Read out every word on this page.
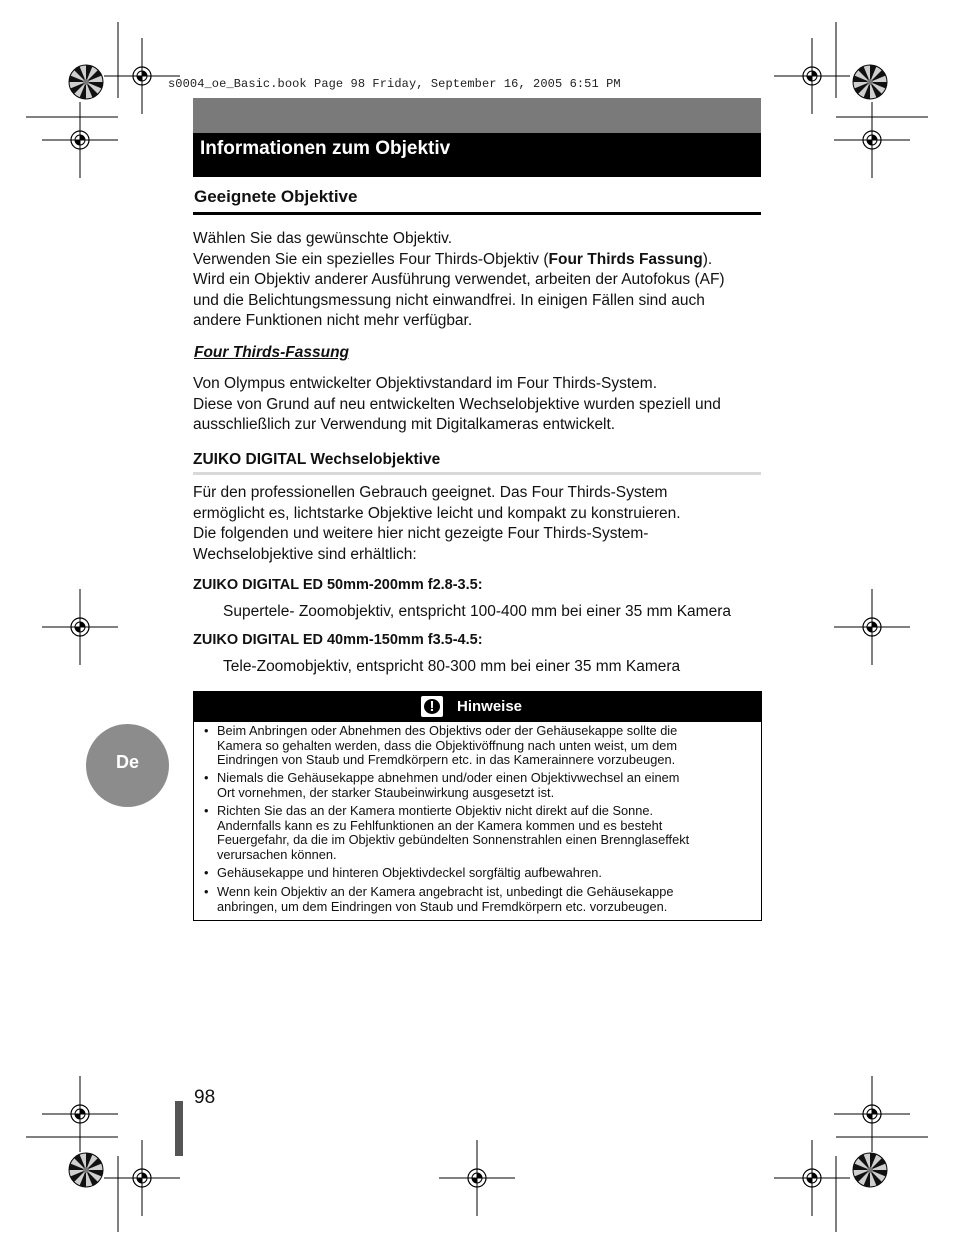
s0004_oe_Basic.book Page 98 Friday, September 16, 2005 6:51 PM
Informationen zum Objektiv
Geeignete Objektive
Wählen Sie das gewünschte Objektiv.
Verwenden Sie ein spezielles Four Thirds-Objektiv (Four Thirds Fassung).
Wird ein Objektiv anderer Ausführung verwendet, arbeiten der Autofokus (AF)
und die Belichtungsmessung nicht einwandfrei. In einigen Fällen sind auch
andere Funktionen nicht mehr verfügbar.
Four Thirds-Fassung
Von Olympus entwickelter Objektivstandard im Four Thirds-System.
Diese von Grund auf neu entwickelten Wechselobjektive wurden speziell und
ausschließlich zur Verwendung mit Digitalkameras entwickelt.
ZUIKO DIGITAL Wechselobjektive
Für den professionellen Gebrauch geeignet. Das Four Thirds-System
ermöglicht es, lichtstarke Objektive leicht und kompakt zu konstruieren.
Die folgenden und weitere hier nicht gezeigte Four Thirds-System-
Wechselobjektive sind erhältlich:
ZUIKO DIGITAL ED 50mm-200mm f2.8-3.5:
Supertele- Zoomobjektiv, entspricht 100-400 mm bei einer 35 mm Kamera
ZUIKO DIGITAL ED 40mm-150mm f3.5-4.5:
Tele-Zoomobjektiv, entspricht 80-300 mm bei einer 35 mm Kamera
!	Hinweise
• Beim Anbringen oder Abnehmen des Objektivs oder der Gehäusekappe sollte die
Kamera so gehalten werden, dass die Objektivöffnung nach unten weist, um dem
Eindringen von Staub und Fremdkörpern etc. in das Kamerainnere vorzubeugen.
• Niemals die Gehäusekappe abnehmen und/oder einen Objektivwechsel an einem
Ort vornehmen, der starker Staubeinwirkung ausgesetzt ist.
• Richten Sie das an der Kamera montierte Objektiv nicht direkt auf die Sonne.
Andernfalls kann es zu Fehlfunktionen an der Kamera kommen und es besteht
Feuergefahr, da die im Objektiv gebündelten Sonnenstrahlen einen Brennglaseffekt
verursachen können.
• Gehäusekappe und hinteren Objektivdeckel sorgfältig aufbewahren.
• Wenn kein Objektiv an der Kamera angebracht ist, unbedingt die Gehäusekappe
anbringen, um dem Eindringen von Staub und Fremdkörpern etc. vorzubeugen.
De
98
